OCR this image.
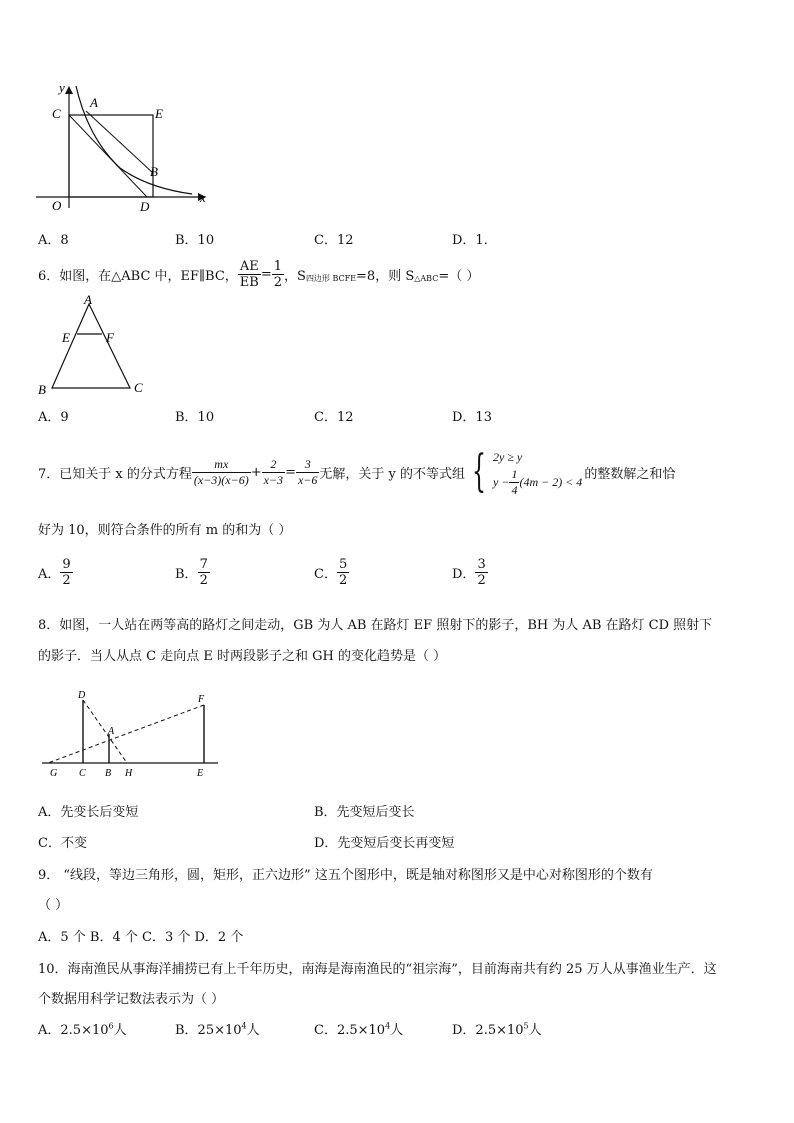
y
x
O
C
A
E
B
D
A．8	B．10	C．12	D．1．
6．如图，在△ABC 中，EF∥BC， $\frac{AE}{EB} = \frac{1}{2}$ ，S 四边形 BCFE =8，则 S △ABC =（ ）
A
E	F
B	C
A．9	B．10	C．12	D．13
7．已知关于 x 的分式方程 $\frac{mx}{(x-3)(x-6)} + \frac{2}{x-3} = \frac{3}{x-6}$ 无解，关于 y 的不等式组 { 2y ≥ y
$y - \frac{1}{4} (4m - 2) < 4$ 的整数解之和恰
好为 10，则符合条件的所有 m 的和为（ ）
A． $\frac{9}{2}$	B． $\frac{7}{2}$	C． $\frac{5}{2}$	D． $\frac{3}{2}$
8．如图，一人站在两等高的路灯之间走动，GB 为人 AB 在路灯 EF 照射下的影子，BH 为人 AB 在路灯 CD 照射下
的影子．当人从点 C 走向点 E 时两段影子之和 GH 的变化趋势是（ ）
D	F
A
G C B H	E
A．先变长后变短	B．先变短后变长
C．不变	D．先变短后变长再变短
9． “线段，等边三角形，圆，矩形，正六边形” 这五个图形中，既是轴对称图形又是中心对称图形的个数有
（ ）
A．5 个 B．4 个 C．3 个 D．2 个
10．海南渔民从事海洋捕捞已有上千年历史，南海是海南渔民的“祖宗海”，目前海南共有约 25 万人从事渔业生产．这
个数据用科学记数法表示为（ ）
A．$2.5\times 10^6$人	B．$25\times 10^4$人	C．$2.5\times 10^4$人	D．$2.5\times 10^5$人
